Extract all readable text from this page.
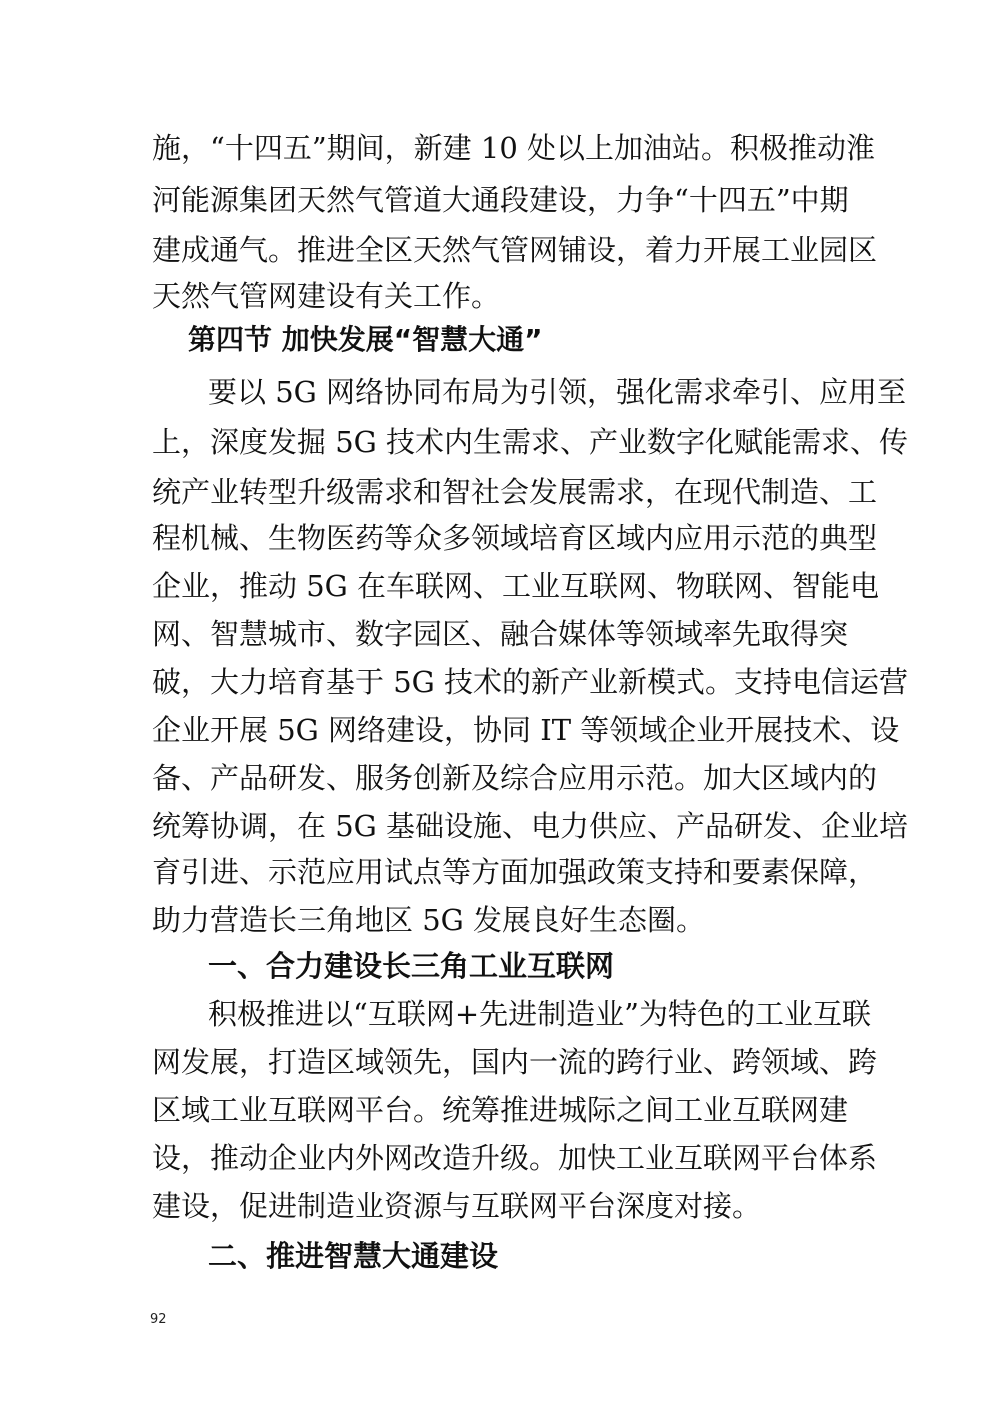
施，“十四五”期间，新建 10 处以上加油站。积极推动淮
河能源集团天然气管道大通段建设，力争“十四五”中期
建成通气。推进全区天然气管网铺设，着力开展工业园区
天然气管网建设有关工作。
第四节 加快发展“智慧大通”
要以 5G 网络协同布局为引领，强化需求牵引、应用至
上，深度发掘 5G 技术内生需求、产业数字化赋能需求、传
统产业转型升级需求和智社会发展需求，在现代制造、工
程机械、生物医药等众多领域培育区域内应用示范的典型
企业，推动 5G 在车联网、工业互联网、物联网、智能电
网、智慧城市、数字园区、融合媒体等领域率先取得突
破，大力培育基于 5G 技术的新产业新模式。支持电信运营
企业开展 5G 网络建设，协同 IT 等领域企业开展技术、设
备、产品研发、服务创新及综合应用示范。加大区域内的
统筹协调，在 5G 基础设施、电力供应、产品研发、企业培
育引进、示范应用试点等方面加强政策支持和要素保障，
助力营造长三角地区 5G 发展良好生态圈。
一、合力建设长三角工业互联网
积极推进以“互联网+先进制造业”为特色的工业互联
网发展，打造区域领先，国内一流的跨行业、跨领域、跨
区域工业互联网平台。统筹推进城际之间工业互联网建
设，推动企业内外网改造升级。加快工业互联网平台体系
建设，促进制造业资源与互联网平台深度对接。
二、推进智慧大通建设
92
